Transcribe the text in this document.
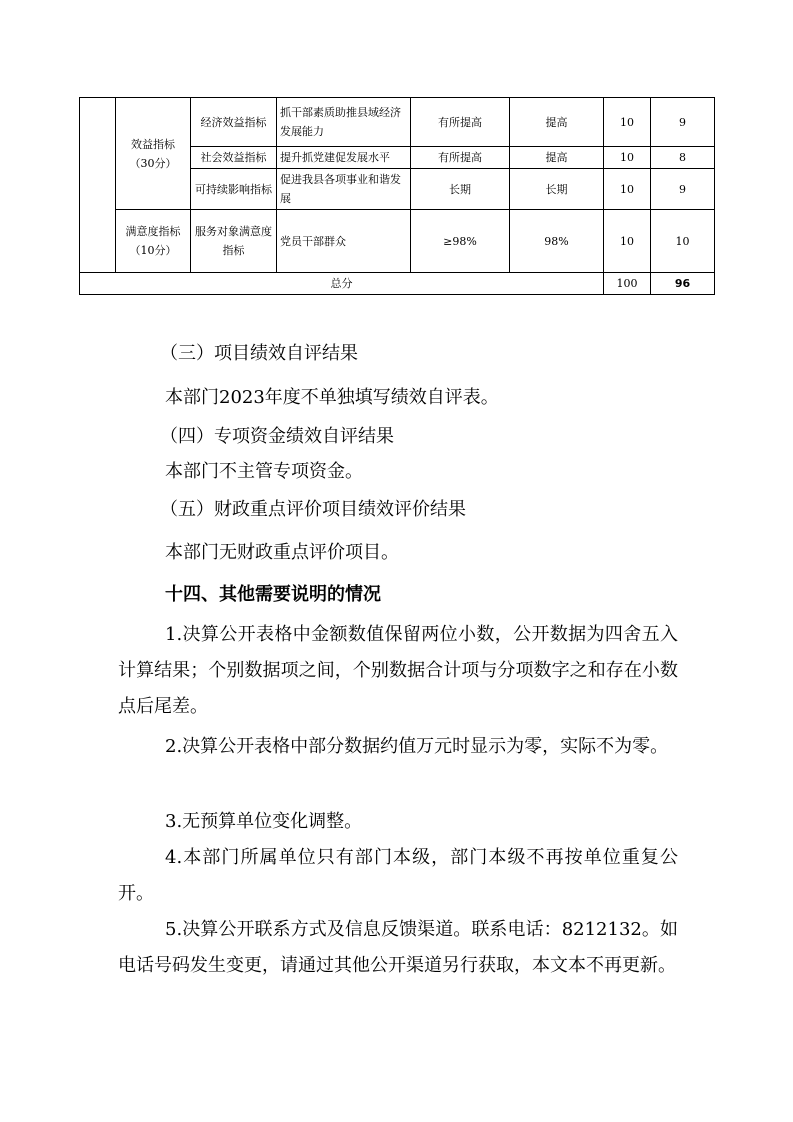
	效益指标（30分）	经济效益指标	抓干部素质助推县域经济发展能力	有所提高	提高	10	9
		社会效益指标	提升抓党建促发展水平	有所提高	提高	10	8
		可持续影响指标	促进我县各项事业和谐发展	长期	长期	10	9
	满意度指标（10分）	服务对象满意度指标	党员干部群众	≥98%	98%	10	10
总分						100	96
（三）项目绩效自评结果
本部门2023年度不单独填写绩效自评表。
（四）专项资金绩效自评结果
本部门不主管专项资金。
（五）财政重点评价项目绩效评价结果
本部门无财政重点评价项目。
十四、其他需要说明的情况
1.决算公开表格中金额数值保留两位小数，公开数据为四舍五入计算结果；个别数据项之间，个别数据合计项与分项数字之和存在小数点后尾差。
2.决算公开表格中部分数据约值万元时显示为零，实际不为零。
3.无预算单位变化调整。
4.本部门所属单位只有部门本级，部门本级不再按单位重复公开。
5.决算公开联系方式及信息反馈渠道。联系电话：8212132。如电话号码发生变更，请通过其他公开渠道另行获取，本文本不再更新。
